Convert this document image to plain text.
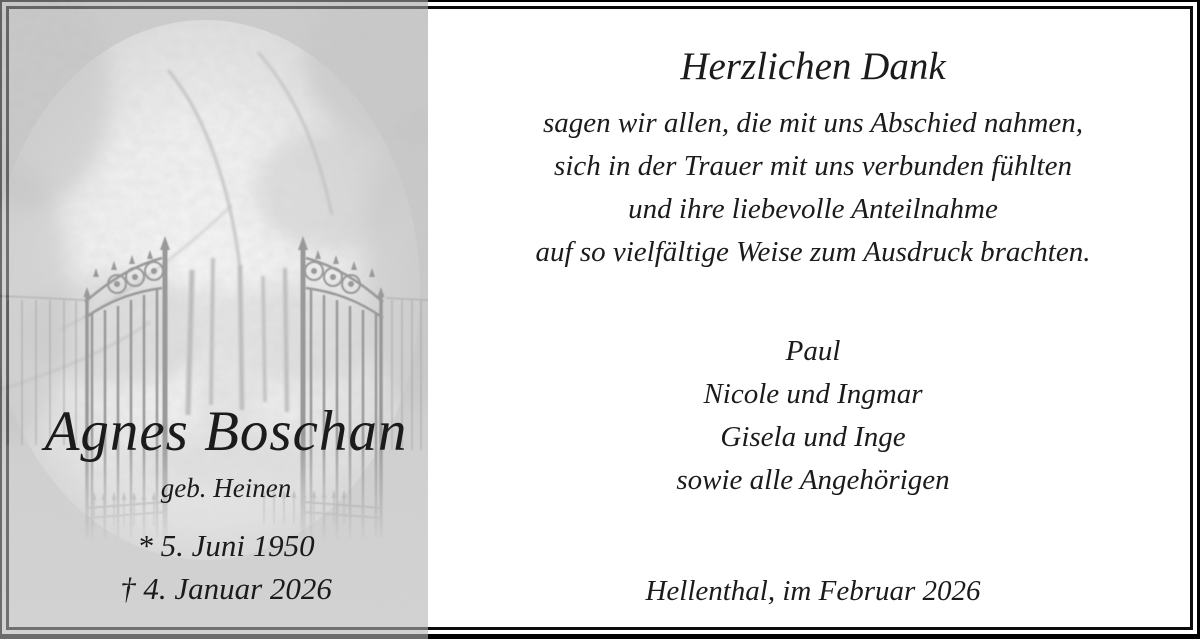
Agnes Boschan
geb. Heinen
* 5. Juni 1950
† 4. Januar 2026
Herzlichen Dank
sagen wir allen, die mit uns Abschied nahmen,
sich in der Trauer mit uns verbunden fühlten
und ihre liebevolle Anteilnahme
auf so vielfältige Weise zum Ausdruck brachten.
Paul
Nicole und Ingmar
Gisela und Inge
sowie alle Angehörigen
Hellenthal, im Februar 2026
